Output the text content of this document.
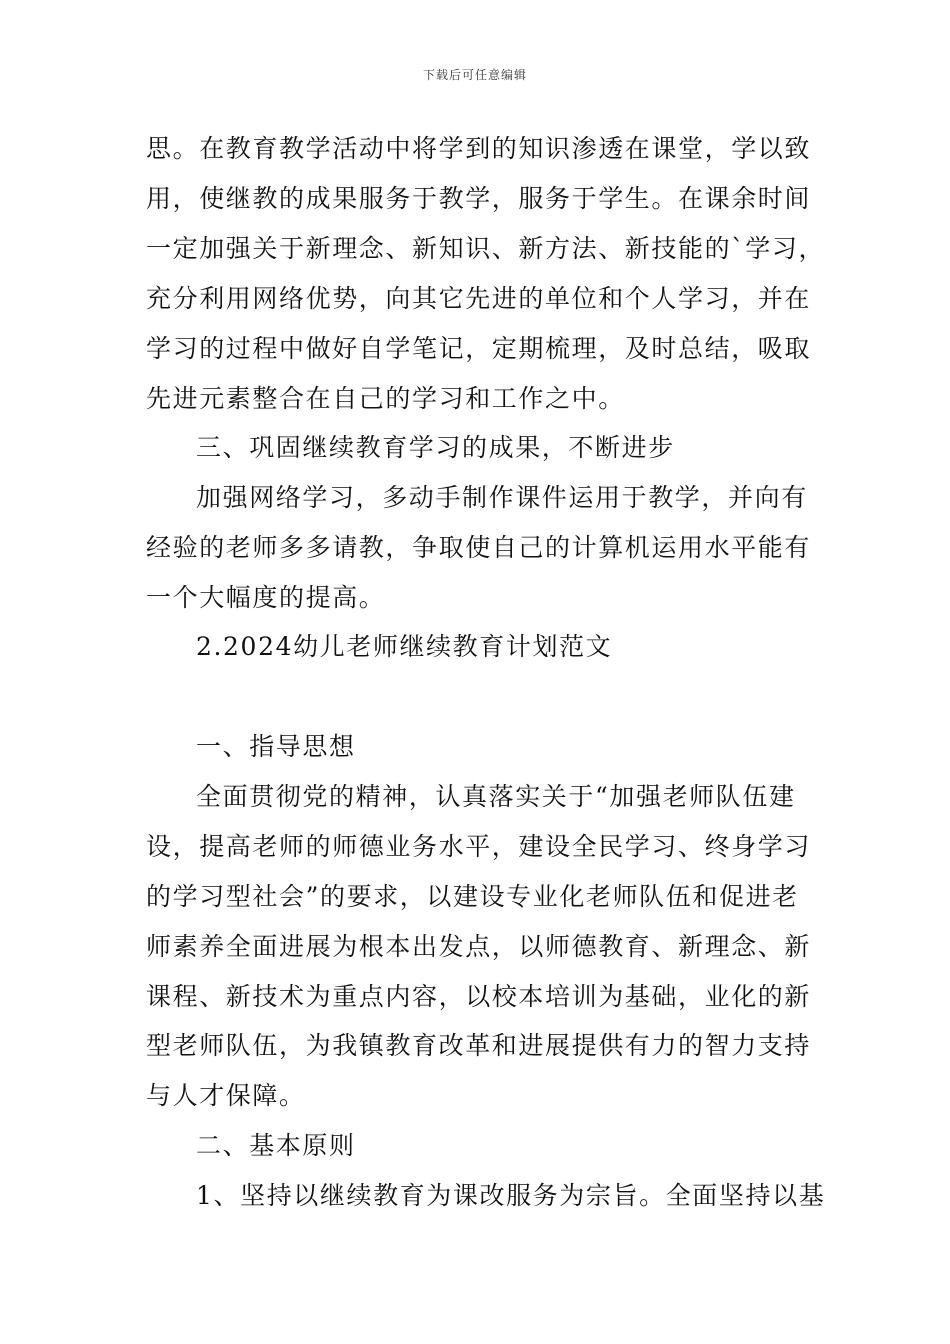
下载后可任意编辑
思。在教育教学活动中将学到的知识渗透在课堂，学以致
用，使继教的成果服务于教学，服务于学生。在课余时间
一定加强关于新理念、新知识、新方法、新技能的`学习，
充分利用网络优势，向其它先进的单位和个人学习，并在
学习的过程中做好自学笔记，定期梳理，及时总结，吸取
先进元素整合在自己的学习和工作之中。
三、巩固继续教育学习的成果，不断进步
加强网络学习，多动手制作课件运用于教学，并向有
经验的老师多多请教，争取使自己的计算机运用水平能有
一个大幅度的提高。
2.2024幼儿老师继续教育计划范文
一、指导思想
全面贯彻党的精神，认真落实关于“加强老师队伍建
设，提高老师的师德业务水平，建设全民学习、终身学习
的学习型社会”的要求，以建设专业化老师队伍和促进老
师素养全面进展为根本出发点，以师德教育、新理念、新
课程、新技术为重点内容，以校本培训为基础，业化的新
型老师队伍，为我镇教育改革和进展提供有力的智力支持
与人才保障。
二、基本原则
1、坚持以继续教育为课改服务为宗旨。全面坚持以基
